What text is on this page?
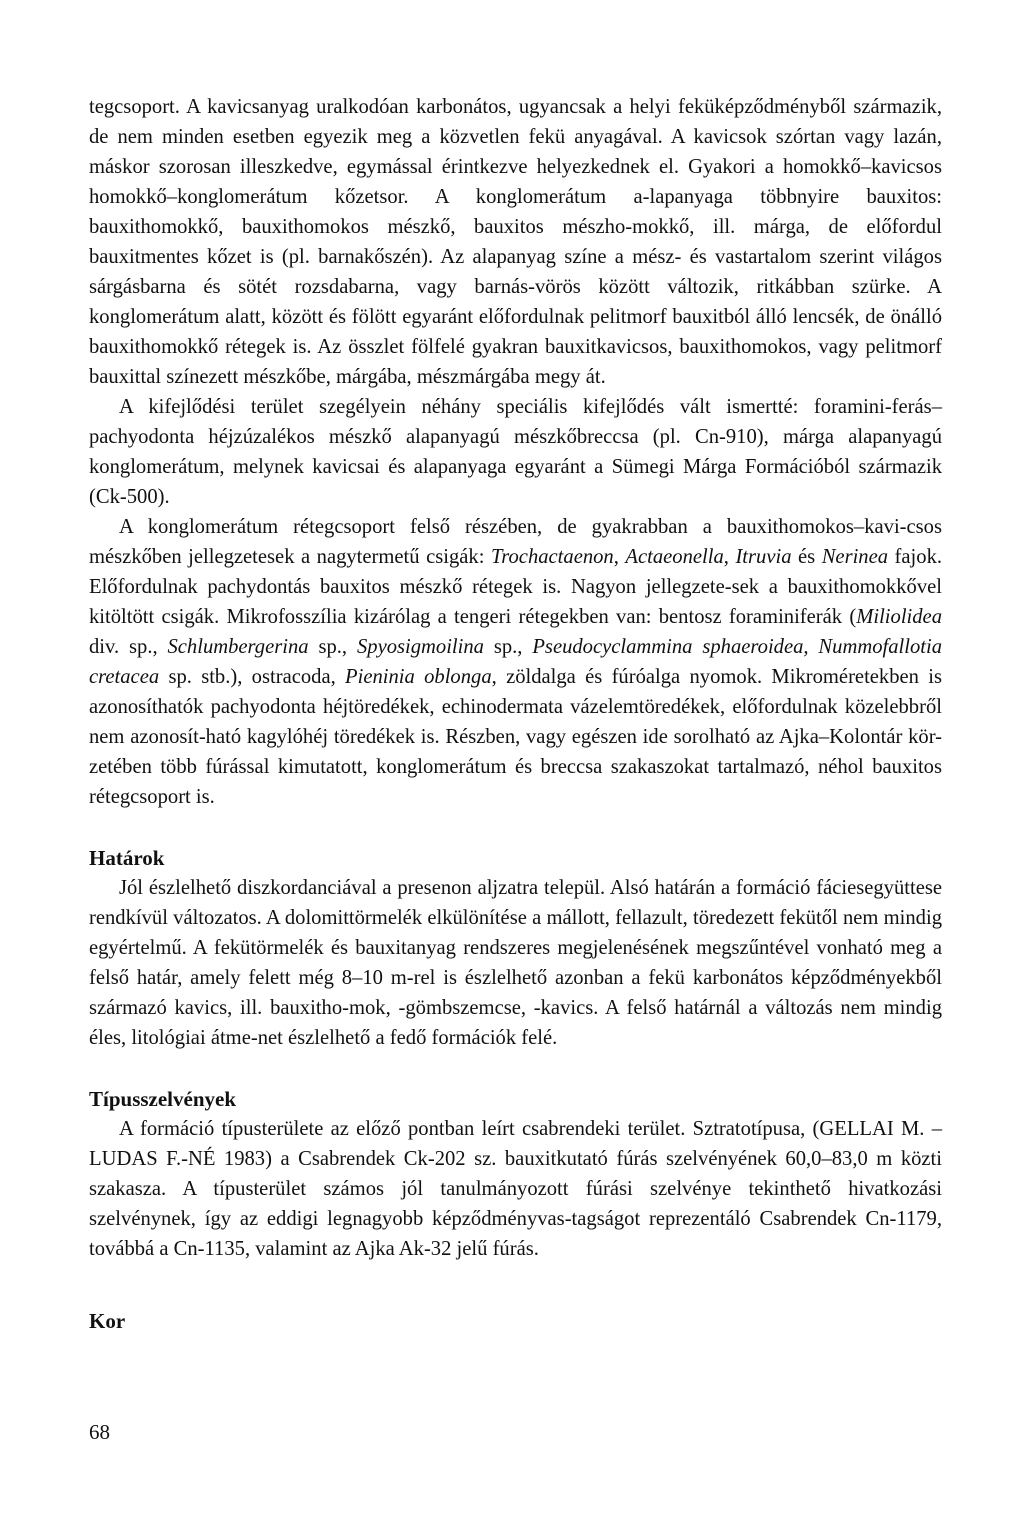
tegcsoport. A kavicsanyag uralkodóan karbonátos, ugyancsak a helyi feküképződményből származik, de nem minden esetben egyezik meg a közvetlen fekü anyagával. A kavicsok szórtan vagy lazán, máskor szorosan illeszkedve, egymással érintkezve helyezkednek el. Gyakori a homokkő–kavicsos homokkő–konglomerátum kőzetsor. A konglomerátum a-lapanyaga többnyire bauxitos: bauxithomokkő, bauxithomokos mészkő, bauxitos mészho-mokkő, ill. márga, de előfordul bauxitmentes kőzet is (pl. barnakőszén). Az alapanyag színe a mész- és vastartalom szerint világos sárgásbarna és sötét rozsdabarna, vagy barnás-vörös között változik, ritkábban szürke. A konglomerátum alatt, között és fölött egyaránt előfordulnak pelitmorf bauxitból álló lencsék, de önálló bauxithomokkő rétegek is. Az összlet fölfelé gyakran bauxitkavicsos, bauxithomokos, vagy pelitmorf bauxittal színezett mészkőbe, márgába, mészmárgába megy át.

A kifejlődési terület szegélyein néhány speciális kifejlődés vált ismertté: foramini-ferás–pachyodonta héjzúzalékos mészkő alapanyagú mészkőbreccsa (pl. Cn-910), márga alapanyagú konglomerátum, melynek kavicsai és alapanyaga egyaránt a Sümegi Márga Formációból származik (Ck-500).

A konglomerátum rétegcsoport felső részében, de gyakrabban a bauxithomokos–kavi-csos mészkőben jellegzetesek a nagytermetű csigák: Trochactaenon, Actaeonella, Itruvia és Nerinea fajok. Előfordulnak pachydontás bauxitos mészkő rétegek is. Nagyon jellegzete-sek a bauxithomokkővel kitöltött csigák. Mikrofosszília kizárólag a tengeri rétegekben van: bentosz foraminiferák (Miliolidea div. sp., Schlumbergerina sp., Spyosigmoilina sp., Pseudocyclammina sphaeroidea, Nummofallotia cretacea sp. stb.), ostracoda, Pieninia oblonga, zöldalga és fúróalga nyomok. Mikroméretekben is azonosíthatók pachyodonta héjtöredékek, echinodermata vázelemtöredékek, előfordulnak közelebbről nem azonosít-ható kagylóhéj töredékek is. Részben, vagy egészen ide sorolható az Ajka–Kolontár kör-zetében több fúrással kimutatott, konglomerátum és breccsa szakaszokat tartalmazó, néhol bauxitos rétegcsoport is.

Határok

Jól észlelhető diszkordanciával a presenon aljzatra települ. Alsó határán a formáció fáciesegyüttese rendkívül változatos. A dolomittörmelék elkülönítése a mállott, fellazult, töredezett fekütől nem mindig egyértelmű. A fekütörmelék és bauxitanyag rendszeres megjelenésének megszűntével vonható meg a felső határ, amely felett még 8–10 m-rel is észlelhető azonban a fekü karbonátos képződményekből származó kavics, ill. bauxitho-mok, -gömbszemcse, -kavics. A felső határnál a változás nem mindig éles, litológiai átme-net észlelhető a fedő formációk felé.

Típusszelvények

A formáció típusterülete az előző pontban leírt csabrendeki terület. Sztratotípusa, (GELLAI M. – LUDAS F.-NÉ 1983) a Csabrendek Ck-202 sz. bauxitkutató fúrás szelvényének 60,0–83,0 m közti szakasza. A típusterület számos jól tanulmányozott fúrási szelvénye tekinthető hivatkozási szelvénynek, így az eddigi legnagyobb képződményvas-tagságot reprezentáló Csabrendek Cn-1179, továbbá a Cn-1135, valamint az Ajka Ak-32 jelű fúrás.

Kor
68
